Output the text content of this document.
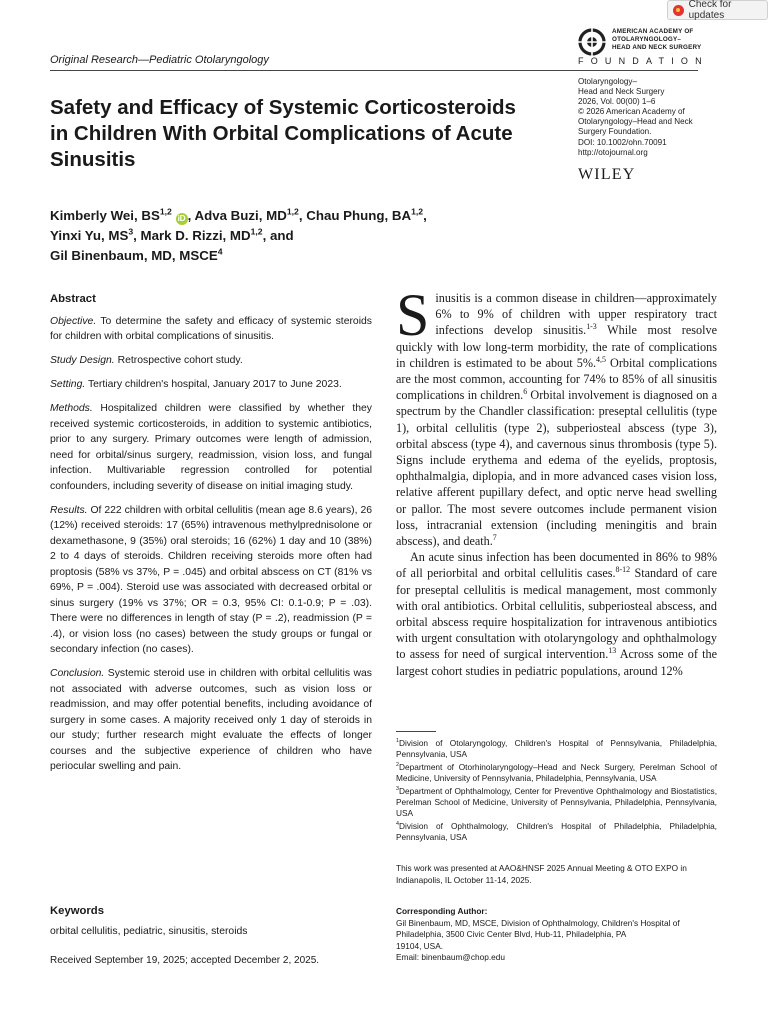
Check for updates
Original Research—Pediatric Otolaryngology
AMERICAN ACADEMY OF
OTOLARYNGOLOGY–
HEAD AND NECK SURGERY
FOUNDATION
Otolaryngology–
Head and Neck Surgery
2026, Vol. 00(00) 1–6
© 2026 American Academy of
Otolaryngology–Head and Neck
Surgery Foundation.
DOI: 10.1002/ohn.70091
http://otojournal.org
WILEY
Safety and Efficacy of Systemic Corticosteroids in Children With Orbital Complications of Acute Sinusitis
Kimberly Wei, BS$^{1,2}$ iD , Adva Buzi, MD$^{1,2}$, Chau Phung, BA$^{1,2}$,
Yinxi Yu, $MS^3$, Mark D. Rizzi, MD$^{1,2}$, and
Gil Binenbaum, MD, MSCE$^4$
Abstract

Objective. To determine the safety and efficacy of systemic steroids for children with orbital complications of sinusitis.

Study Design. Retrospective cohort study.

Setting. Tertiary children's hospital, January 2017 to June 2023.

Methods. Hospitalized children were classified by whether they received systemic corticosteroids, in addition to systemic antibiotics, prior to any surgery. Primary outcomes were length of admission, need for orbital/sinus surgery, readmission, vision loss, and fungal infection. Multivariable regression controlled for potential confounders, including severity of disease on initial imaging study.

Results. Of 222 children with orbital cellulitis (mean age 8.6 years), 26 (12%) received steroids: 17 (65%) intravenous methylprednisolone or dexamethasone, 9 (35%) oral steroids; 16 (62%) 1 day and 10 (38%) 2 to 4 days of steroids. Children receiving steroids more often had proptosis (58% vs 37%, P = .045) and orbital abscess on CT (81% vs 69%, P = .004). Steroid use was associated with decreased orbital or sinus surgery (19% vs 37%; OR = 0.3, 95% CI: 0.1-0.9; P = .03). There were no differences in length of stay (P = .2), readmission (P = .4), or vision loss (no cases) between the study groups or fungal or secondary infection (no cases).

Conclusion. Systemic steroid use in children with orbital cellulitis was not associated with adverse outcomes, such as vision loss or readmission, and may offer potential benefits, including avoidance of surgery in some cases. A majority received only 1 day of steroids in our study; further research might evaluate the effects of longer courses and the subjective experience of children who have periocular swelling and pain.

Keywords
orbital cellulitis, pediatric, sinusitis, steroids
Received September 19, 2025; accepted December 2, 2025.

Sinusitis is a common disease in children—approximately 6% to 9% of children with upper respiratory tract infections develop sinusitis.$^{1-3}$ While most resolve quickly with low long-term morbidity, the rate of complications in children is estimated to be about 5%.$^{4,5}$ Orbital complications are the most common, accounting for 74% to 85% of all sinusitis complications in children.$^6$ Orbital involvement is diagnosed on a spectrum by the Chandler classification: preseptal cellulitis (type 1), orbital cellulitis (type 2), subperiosteal abscess (type 3), orbital abscess (type 4), and cavernous sinus thrombosis (type 5). Signs include erythema and edema of the eyelids, proptosis, ophthalmalgia, diplopia, and in more advanced cases vision loss, relative afferent pupillary defect, and optic nerve head swelling or pallor. The most severe outcomes include permanent vision loss, intracranial extension (including meningitis and brain abscess), and death.$^7$

An acute sinus infection has been documented in 86% to 98% of all periorbital and orbital cellulitis cases.$^{8-12}$ Standard of care for preseptal cellulitis is medical management, most commonly with oral antibiotics. Orbital cellulitis, subperiosteal abscess, and orbital abscess require hospitalization for intravenous antibiotics with urgent consultation with otolaryngology and ophthalmology to assess for need of surgical intervention.$^{13}$ Across some of the largest cohort studies in pediatric populations, around 12%

$^1$Division of Otolaryngology, Children's Hospital of Pennsylvania, Philadelphia, Pennsylvania, USA

$^2$Department of Otorhinolaryngology–Head and Neck Surgery, Perelman School of Medicine, University of Pennsylvania, Philadelphia, Pennsylvania, USA

$^3$Department of Ophthalmology, Center for Preventive Ophthalmology and Biostatistics, Perelman School of Medicine, University of Pennsylvania, Philadelphia, Pennsylvania, USA

$^4$Division of Ophthalmology, Children's Hospital of Philadelphia, Philadelphia, Pennsylvania, USA

This work was presented at AAO&HNSF 2025 Annual Meeting & OTO EXPO in Indianapolis, IL October 11-14, 2025.
Corresponding Author:
Gil Binenbaum, MD, MSCE, Division of Ophthalmology, Children's Hospital of Philadelphia, 3500 Civic Center Blvd, Hub-11, Philadelphia, PA
19104, USA.
Email: binenbaum@chop.edu
